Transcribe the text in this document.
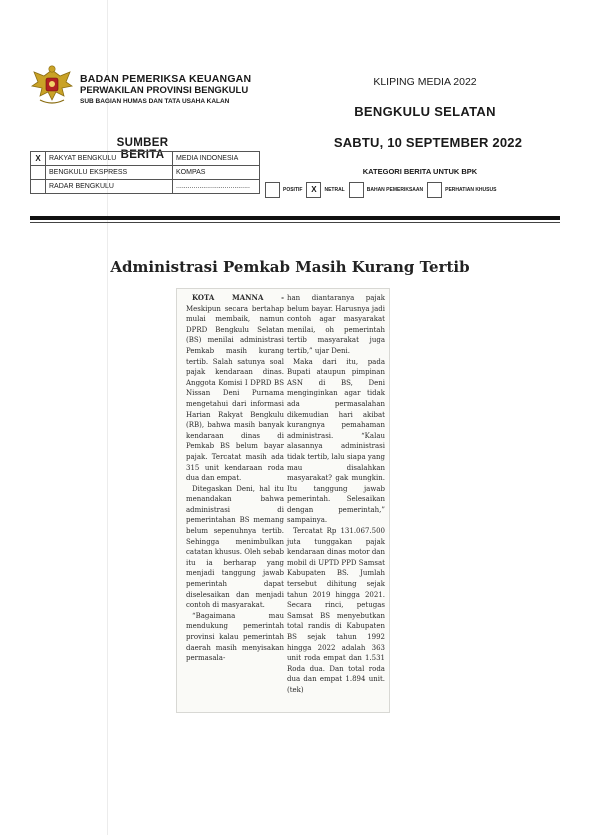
BADAN PEMERIKSA KEUANGAN
PERWAKILAN PROVINSI BENGKULU
SUB BAGIAN HUMAS DAN TATA USAHA KALAN
KLIPING MEDIA 2022
BENGKULU SELATAN
SABTU, 10 SEPTEMBER 2022
SUMBER BERITA
X	RAKYAT BENGKULU	MEDIA INDONESIA
	BENGKULU EKSPRESS	KOMPAS
	RADAR BENGKULU	......................................
KATEGORI BERITA UNTUK BPK
POSITIF	X	NETRAL	BAHAN PEMERIKSAAN	PERHATIAN KHUSUS
Administrasi Pemkab Masih Kurang Tertib

KOTA MANNA - Meskipun secara bertahap mulai membaik, namun DPRD Bengkulu Selatan (BS) menilai administrasi Pemkab masih kurang tertib. Salah satunya soal pajak kendaraan dinas. Anggota Komisi I DPRD BS Nissan Deni Purnama mengetahui dari informasi Harian Rakyat Bengkulu (RB), bahwa masih banyak kendaraan dinas di Pemkab BS belum bayar pajak. Tercatat masih ada 315 unit kendaraan roda dua dan empat.

Ditegaskan Deni, hal itu menandakan bahwa administrasi di pemerintahan BS memang belum sepenuhnya tertib. Sehingga menimbulkan catatan khusus. Oleh sebab itu ia berharap yang menjadi tanggung jawab pemerintah dapat diselesaikan dan menjadi contoh di masyarakat.

“Bagaimana mau mendukung pemerintah provinsi kalau pemerintah daerah masih menyisakan permasala-

han diantaranya pajak belum bayar. Harusnya jadi contoh agar masyarakat menilai, oh pemerintah tertib masyarakat juga tertib,” ujar Deni.

Maka dari itu, pada Bupati ataupun pimpinan ASN di BS, Deni menginginkan agar tidak ada permasalahan dikemudian hari akibat kurangnya pemahaman administrasi. “Kalau alasannya administrasi tidak tertib, lalu siapa yang mau disalahkan masyarakat? gak mungkin. Itu tanggung jawab pemerintah. Selesaikan dengan pemerintah,” sampainya.

Tercatat Rp 131.067.500 juta tunggakan pajak kendaraan dinas motor dan mobil di UPTD PPD Samsat Kabupaten BS. Jumlah tersebut dihitung sejak tahun 2019 hingga 2021. Secara rinci, petugas Samsat BS menyebutkan total randis di Kabupaten BS sejak tahun 1992 hingga 2022 adalah 363 unit roda empat dan 1.531 Roda dua. Dan total roda dua dan empat 1.894 unit. (tek)
